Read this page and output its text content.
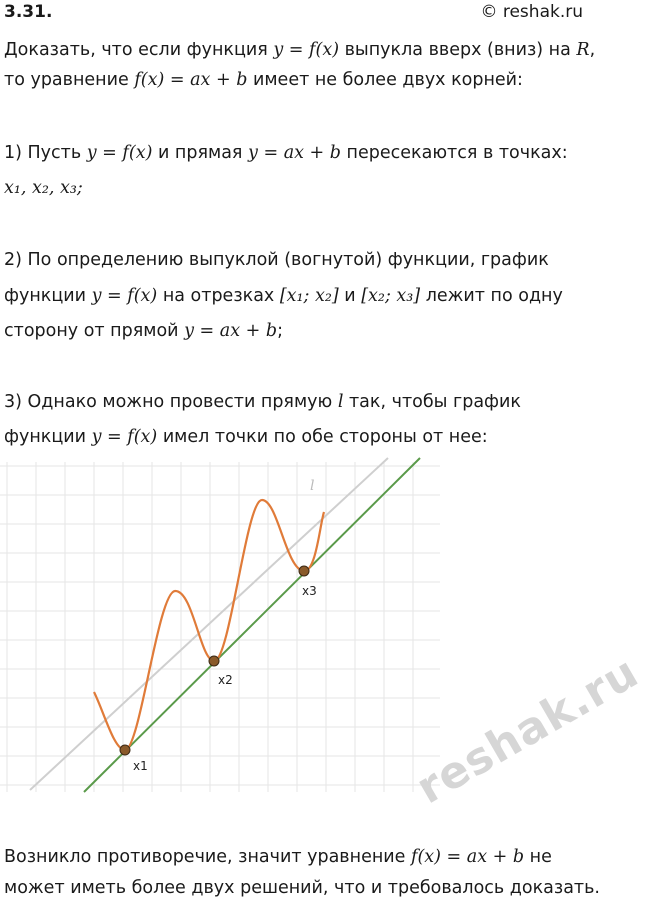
3.31.	© reshak.ru
Доказать, что если функция y = f(x) выпукла вверх (вниз) на R,
то уравнение f(x) = ax + b имеет не более двух корней:
1) Пусть y = f(x) и прямая y = ax + b пересекаются в точках:
x₁, x₂, x₃;
2) По определению выпуклой (вогнутой) функции, график
функции y = f(x) на отрезках [x₁; x₂] и [x₂; x₃] лежит по одну
сторону от прямой y = ax + b;
3) Однако можно провести прямую l так, чтобы график
функции y = f(x) имел точки по обе стороны от нее:
l
x1
x2
x3
reshak.ru
Возникло противоречие, значит уравнение f(x) = ax + b не
может иметь более двух решений, что и требовалось доказать.
